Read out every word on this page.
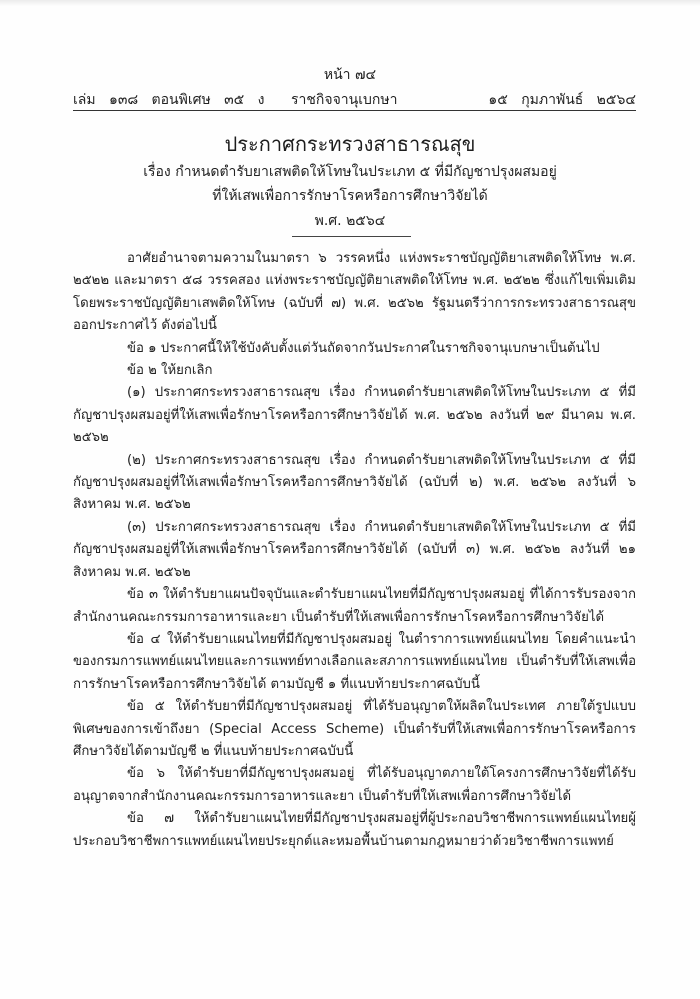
หน้า ๗๔
เล่ม   ๑๓๘   ตอนพิเศษ   ๓๕   ง ราชกิจจานุเบกษา	๑๕   กุมภาพันธ์   ๒๕๖๔
ประกาศกระทรวงสาธารณสุข
เรื่อง กำหนดตำรับยาเสพติดให้โทษในประเภท ๕ ที่มีกัญชาปรุงผสมอยู่
ที่ให้เสพเพื่อการรักษาโรคหรือการศึกษาวิจัยได้
พ.ศ. ๒๕๖๔

อาศัยอำนาจตามความในมาตรา ๖ วรรคหนึ่ง แห่งพระราชบัญญัติยาเสพติดให้โทษ พ.ศ. ๒๕๒๒ และมาตรา ๕๘ วรรคสอง แห่งพระราชบัญญัติยาเสพติดให้โทษ พ.ศ. ๒๕๒๒ ซึ่งแก้ไขเพิ่มเติมโดยพระราชบัญญัติยาเสพติดให้โทษ (ฉบับที่ ๗) พ.ศ. ๒๕๖๒ รัฐมนตรีว่าการกระทรวงสาธารณสุขออกประกาศไว้ ดังต่อไปนี้

ข้อ ๑ ประกาศนี้ให้ใช้บังคับตั้งแต่วันถัดจากวันประกาศในราชกิจจานุเบกษาเป็นต้นไป

ข้อ ๒ ให้ยกเลิก

(๑) ประกาศกระทรวงสาธารณสุข เรื่อง กำหนดตำรับยาเสพติดให้โทษในประเภท ๕ ที่มีกัญชาปรุงผสมอยู่ที่ให้เสพเพื่อรักษาโรคหรือการศึกษาวิจัยได้ พ.ศ. ๒๕๖๒ ลงวันที่ ๒๙ มีนาคม พ.ศ. ๒๕๖๒

(๒) ประกาศกระทรวงสาธารณสุข เรื่อง กำหนดตำรับยาเสพติดให้โทษในประเภท ๕ ที่มีกัญชาปรุงผสมอยู่ที่ให้เสพเพื่อรักษาโรคหรือการศึกษาวิจัยได้ (ฉบับที่ ๒) พ.ศ. ๒๕๖๒ ลงวันที่ ๖ สิงหาคม พ.ศ. ๒๕๖๒

(๓) ประกาศกระทรวงสาธารณสุข เรื่อง กำหนดตำรับยาเสพติดให้โทษในประเภท ๕ ที่มีกัญชาปรุงผสมอยู่ที่ให้เสพเพื่อรักษาโรคหรือการศึกษาวิจัยได้ (ฉบับที่ ๓) พ.ศ. ๒๕๖๒ ลงวันที่ ๒๑ สิงหาคม พ.ศ. ๒๕๖๒

ข้อ ๓ ให้ตำรับยาแผนปัจจุบันและตำรับยาแผนไทยที่มีกัญชาปรุงผสมอยู่ ที่ได้การรับรองจากสำนักงานคณะกรรมการอาหารและยา เป็นตำรับที่ให้เสพเพื่อการรักษาโรคหรือการศึกษาวิจัยได้

ข้อ ๔ ให้ตำรับยาแผนไทยที่มีกัญชาปรุงผสมอยู่ ในตำราการแพทย์แผนไทย โดยคำแนะนำของกรมการแพทย์แผนไทยและการแพทย์ทางเลือกและสภาการแพทย์แผนไทย เป็นตำรับที่ให้เสพเพื่อการรักษาโรคหรือการศึกษาวิจัยได้ ตามบัญชี ๑ ที่แนบท้ายประกาศฉบับนี้

ข้อ ๕ ให้ตำรับยาที่มีกัญชาปรุงผสมอยู่ ที่ได้รับอนุญาตให้ผลิตในประเทศ ภายใต้รูปแบบพิเศษของการเข้าถึงยา (Special Access Scheme) เป็นตำรับที่ให้เสพเพื่อการรักษาโรคหรือการศึกษาวิจัยได้ตามบัญชี ๒ ที่แนบท้ายประกาศฉบับนี้

ข้อ ๖ ให้ตำรับยาที่มีกัญชาปรุงผสมอยู่ ที่ได้รับอนุญาตภายใต้โครงการศึกษาวิจัยที่ได้รับอนุญาตจากสำนักงานคณะกรรมการอาหารและยา เป็นตำรับที่ให้เสพเพื่อการศึกษาวิจัยได้

ข้อ ๗ ให้ตำรับยาแผนไทยที่มีกัญชาปรุงผสมอยู่ที่ผู้ประกอบวิชาชีพการแพทย์แผนไทยผู้ประกอบวิชาชีพการแพทย์แผนไทยประยุกต์และหมอพื้นบ้านตามกฎหมายว่าด้วยวิชาชีพการแพทย์
